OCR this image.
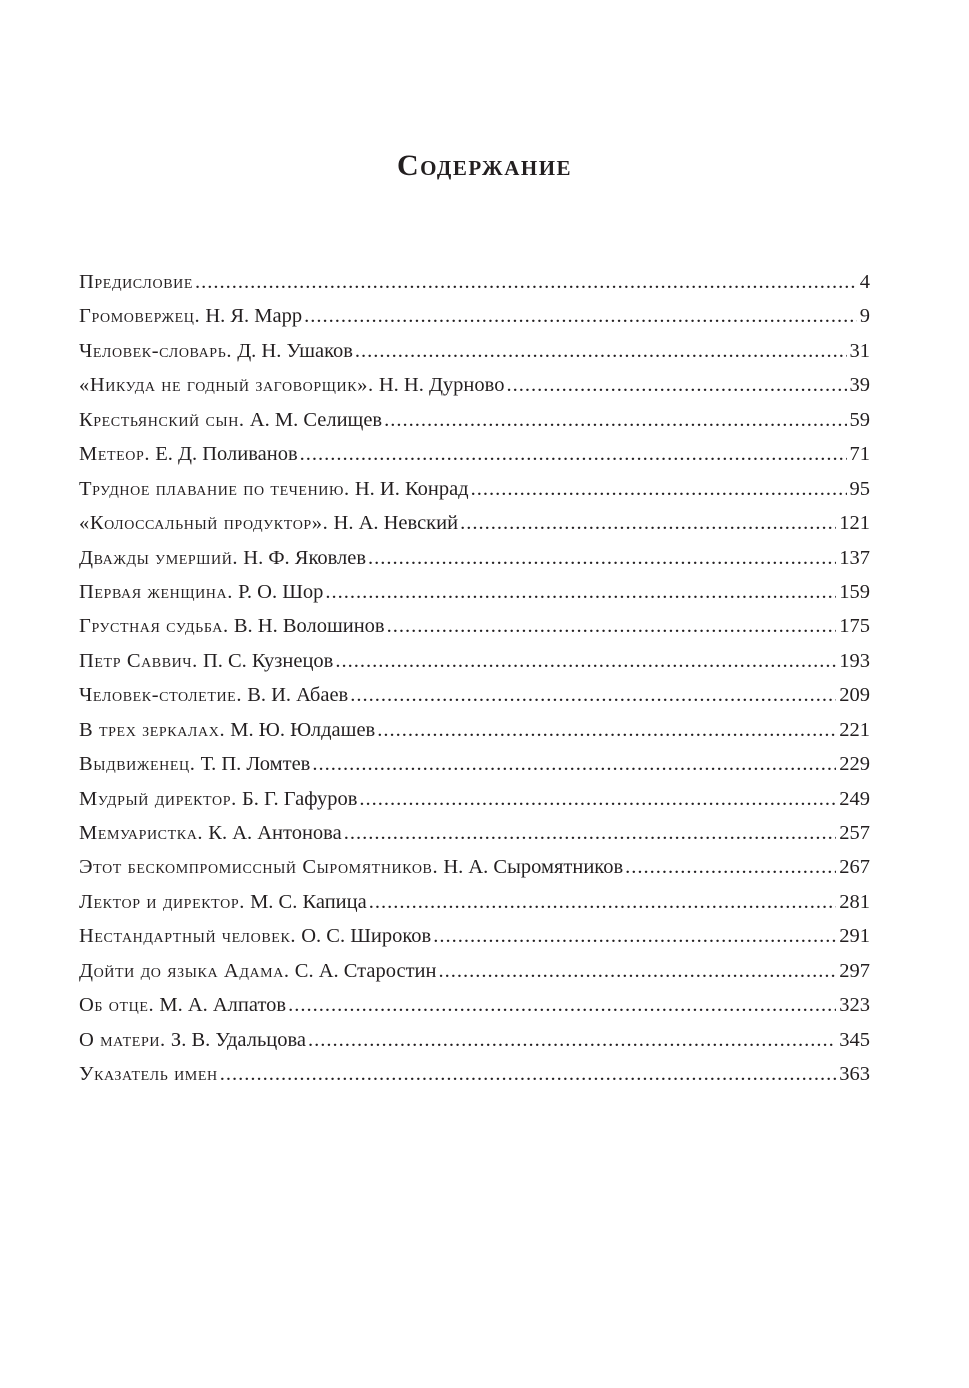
Содержание
Предисловие .....	4
Громовержец. Н. Я. Марр .....	9
Человек-словарь. Д. Н. Ушаков .....	31
«Никуда не годный заговорщик». Н. Н. Дурново .....	39
Крестьянский сын. А. М. Селищев .....	59
Метеор. Е. Д. Поливанов .....	71
Трудное плавание по течению. Н. И. Конрад .....	95
«Колоссальный продуктор». Н. А. Невский .....	121
Дважды умерший. Н. Ф. Яковлев .....	137
Первая женщина. Р. О. Шор .....	159
Грустная судьба. В. Н. Волошинов .....	175
Петр Саввич. П. С. Кузнецов .....	193
Человек-столетие. В. И. Абаев .....	209
В трех зеркалах. М. Ю. Юлдашев .....	221
Выдвиженец. Т. П. Ломтев .....	229
Мудрый директор. Б. Г. Гафуров .....	249
Мемуаристка. К. А. Антонова .....	257
Этот бескомпромиссный Сыромятников. Н. А. Сыромятников .....	267
Лектор и директор. М. С. Капица .....	281
Нестандартный человек. О. С. Широков .....	291
Дойти до языка Адама. С. А. Старостин .....	297
Об отце. М. А. Алпатов .....	323
О матери. З. В. Удальцова .....	345
Указатель имен .....	363
